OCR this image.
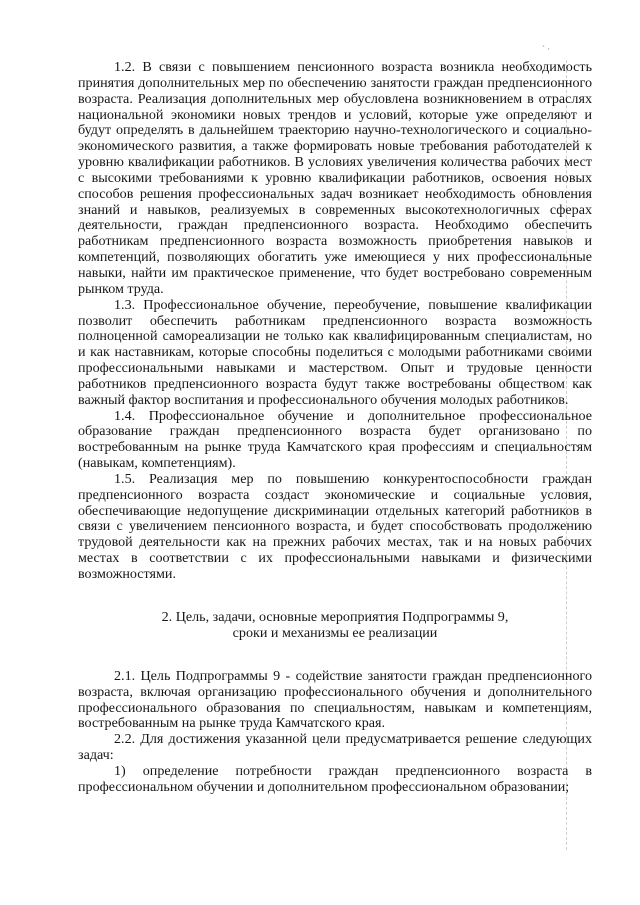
` ·

1.2. В связи с повышением пенсионного возраста возникла необходимость принятия дополнительных мер по обеспечению занятости граждан предпенсионного возраста. Реализация дополнительных мер обусловлена возникновением в отраслях национальной экономики новых трендов и условий, которые уже определяют и будут определять в дальнейшем траекторию научно-технологического и социально-экономического развития, а также формировать новые требования работодателей к уровню квалификации работников. В условиях увеличения количества рабочих мест с высокими требованиями к уровню квалификации работников, освоения новых способов решения профессиональных задач возникает необходимость обновления знаний и навыков, реализуемых в современных высокотехнологичных сферах деятельности, граждан предпенсионного возраста. Необходимо обеспечить работникам предпенсионного возраста возможность приобретения навыков и компетенций, позволяющих обогатить уже имеющиеся у них профессиональные навыки, найти им практическое применение, что будет востребовано современным рынком труда.

1.3. Профессиональное обучение, переобучение, повышение квалификации позволит обеспечить работникам предпенсионного возраста возможность полноценной самореализации не только как квалифицированным специалистам, но и как наставникам, которые способны поделиться с молодыми работниками своими профессиональными навыками и мастерством. Опыт и трудовые ценности работников предпенсионного возраста будут также востребованы обществом как важный фактор воспитания и профессионального обучения молодых работников.

1.4. Профессиональное обучение и дополнительное профессиональное образование граждан предпенсионного возраста будет организовано по востребованным на рынке труда Камчатского края профессиям и специальностям (навыкам, компетенциям).

1.5. Реализация мер по повышению конкурентоспособности граждан предпенсионного возраста создаст экономические и социальные условия, обеспечивающие недопущение дискриминации отдельных категорий работников в связи с увеличением пенсионного возраста, и будет способствовать продолжению трудовой деятельности как на прежних рабочих местах, так и на новых рабочих местах в соответствии с их профессиональными навыками и физическими возможностями.

2. Цель, задачи, основные мероприятия Подпрограммы 9,
сроки и механизмы ее реализации

2.1. Цель Подпрограммы 9 - содействие занятости граждан предпенсионного возраста, включая организацию профессионального обучения и дополнительного профессионального образования по специальностям, навыкам и компетенциям, востребованным на рынке труда Камчатского края.

2.2. Для достижения указанной цели предусматривается решение следующих задач:

1) определение потребности граждан предпенсионного возраста в профессиональном обучении и дополнительном профессиональном образовании;
